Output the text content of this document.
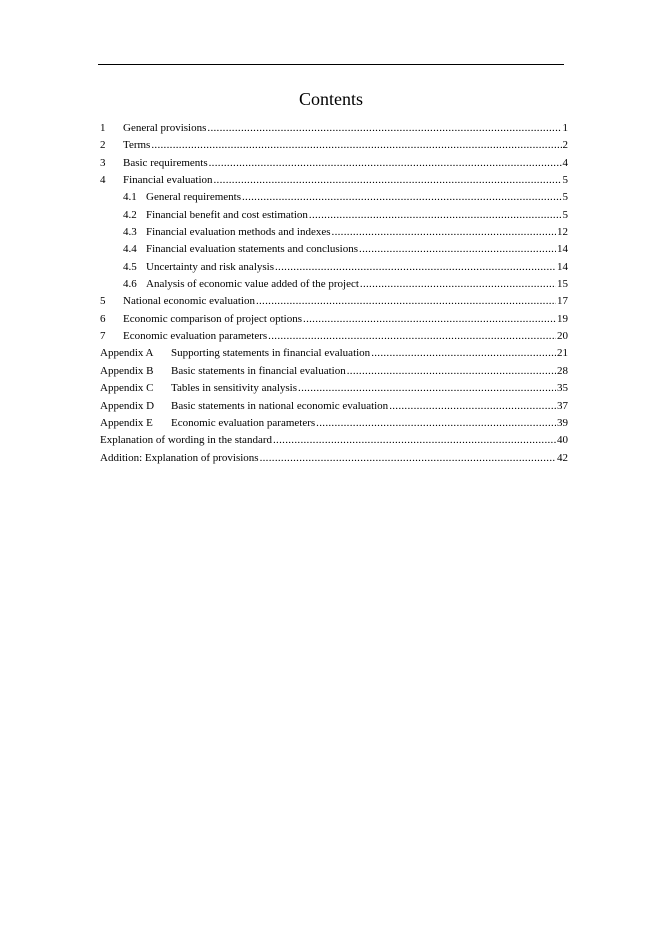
Contents
1	General provisions .....	1
2	Terms .....	2
3	Basic requirements .....	4
4	Financial evaluation .....	5
4.1 General requirements .....	5
4.2 Financial benefit and cost estimation .....	5
4.3 Financial evaluation methods and indexes .....	12
4.4 Financial evaluation statements and conclusions .....	14
4.5 Uncertainty and risk analysis .....	14
4.6 Analysis of economic value added of the project .....	15
5	National economic evaluation .....	17
6	Economic comparison of project options .....	19
7	Economic evaluation parameters .....	20
Appendix A	Supporting statements in financial evaluation .....	21
Appendix B	Basic statements in financial evaluation .....	28
Appendix C	Tables in sensitivity analysis .....	35
Appendix D	Basic statements in national economic evaluation .....	37
Appendix E	Economic evaluation parameters .....	39
Explanation of wording in the standard .....	40
Addition: Explanation of provisions .....	42
